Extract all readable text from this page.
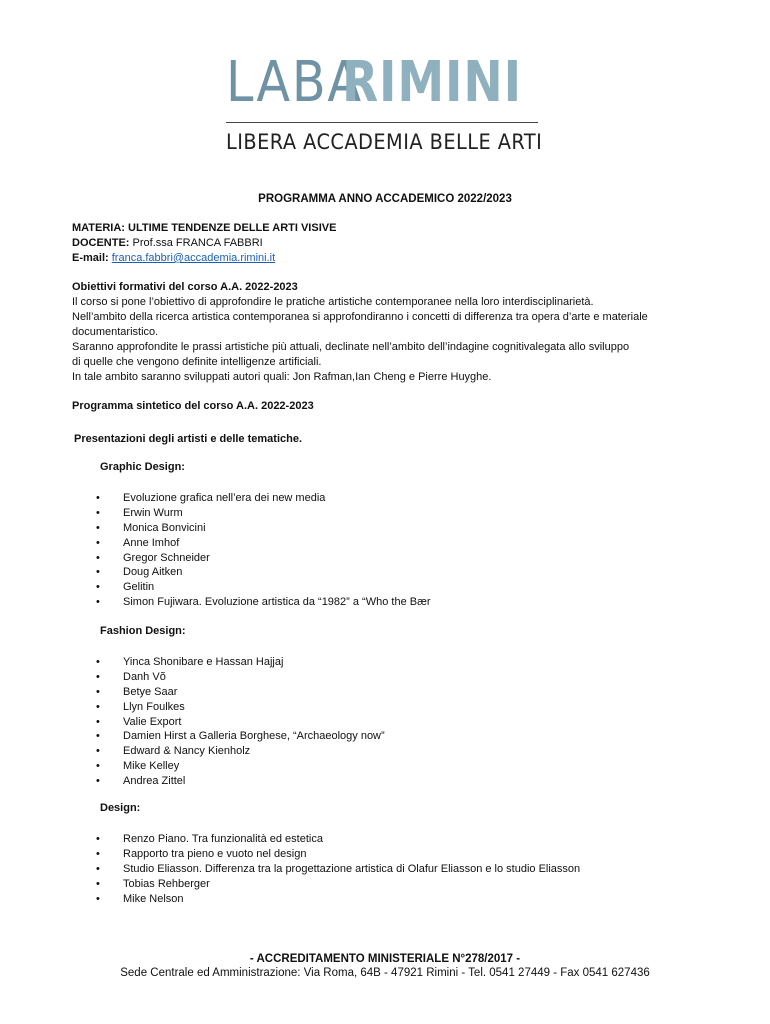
LABA
RIMINI
LIBERA ACCADEMIA BELLE ARTI
PROGRAMMA ANNO ACCADEMICO 2022/2023
MATERIA: ULTIME TENDENZE DELLE ARTI VISIVE
DOCENTE: Prof.ssa FRANCA FABBRI
E-mail: franca.fabbri@accademia.rimini.it
Obiettivi formativi del corso A.A. 2022-2023
Il corso si pone l’obiettivo di approfondire le pratiche artistiche contemporanee nella loro interdisciplinarietà.
Nell’ambito della ricerca artistica contemporanea si approfondiranno i concetti di differenza tra opera d’arte e materiale
documentaristico.
Saranno approfondite le prassi artistiche più attuali, declinate nell’ambito dell’indagine cognitivalegata allo sviluppo
di quelle che vengono definite intelligenze artificiali.
In tale ambito saranno sviluppati autori quali: Jon Rafman,Ian Cheng e Pierre Huyghe.
Programma sintetico del corso A.A. 2022-2023
Presentazioni degli artisti e delle tematiche.
Graphic Design:
• Evoluzione grafica nell’era dei new media
• Erwin Wurm
• Monica Bonvicini
• Anne Imhof
• Gregor Schneider
• Doug Aitken
• Gelitin
• Simon Fujiwara. Evoluzione artistica da “1982” a “Who the Bær
Fashion Design:
• Yinca Shonibare e Hassan Hajjaj
• Danh Võ
• Betye Saar
• Llyn Foulkes
• Valie Export
• Damien Hirst a Galleria Borghese, “Archaeology now”
• Edward & Nancy Kienholz
• Mike Kelley
• Andrea Zittel
Design:
• Renzo Piano. Tra funzionalità ed estetica
• Rapporto tra pieno e vuoto nel design
• Studio Eliasson. Differenza tra la progettazione artistica di Olafur Eliasson e lo studio Eliasson
• Tobias Rehberger
• Mike Nelson
- ACCREDITAMENTO MINISTERIALE N°278/2017 -
Sede Centrale ed Amministrazione: Via Roma, 64B - 47921 Rimini - Tel. 0541 27449 - Fax 0541 627436
